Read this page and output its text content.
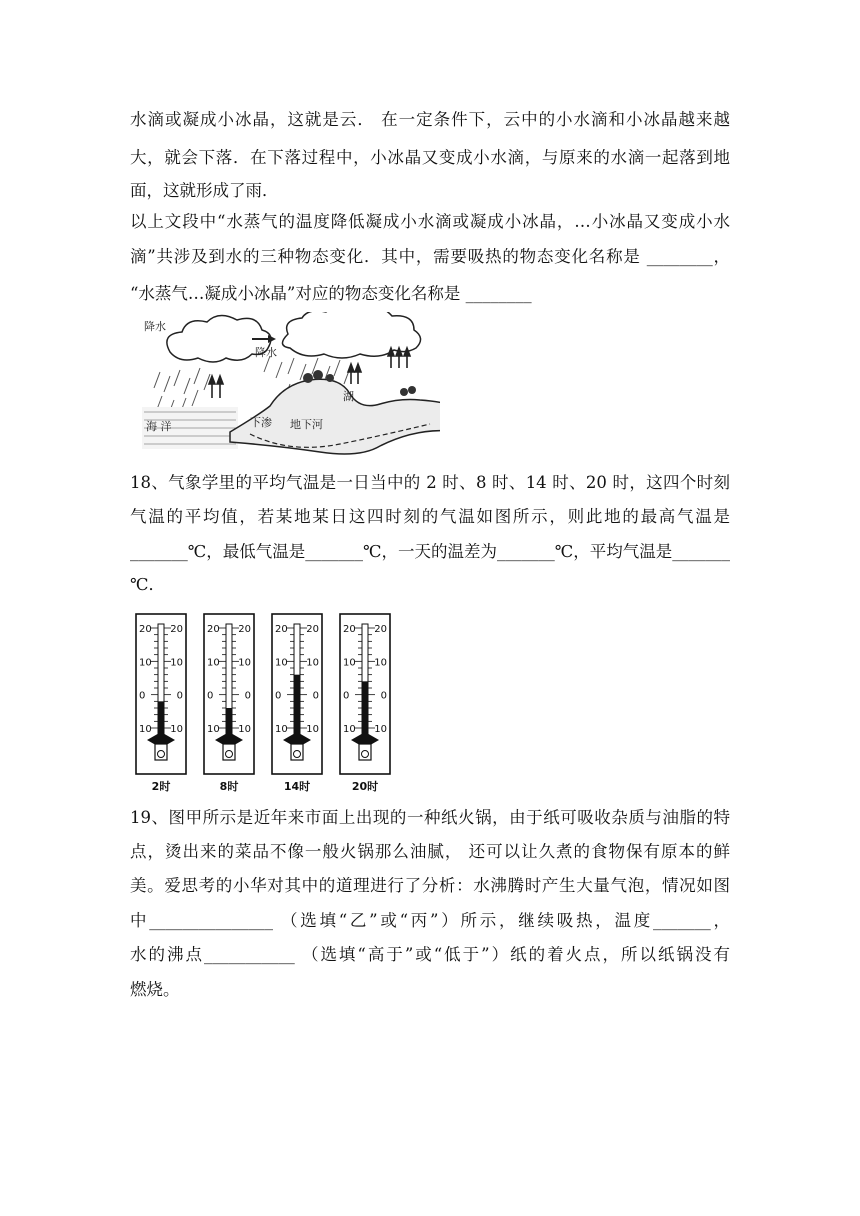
水滴或凝成小冰晶，这就是云． 在一定条件下，云中的小水滴和小冰晶越来越
大，就会下落．在下落过程中，小冰晶又变成小水滴，与原来的水滴一起落到地
面，这就形成了雨．
以上文段中“水蒸气的温度降低凝成小水滴或凝成小冰晶，…小冰晶又变成小水
滴”共涉及到水的三种物态变化．其中，需要吸热的物态变化名称是 ________，
“水蒸气…凝成小冰晶”对应的物态变化名称是 ________
降水
降水
海 洋	下渗 地下河
湖
18、气象学里的平均气温是一日当中的 2 时、8 时、14 时、20 时，这四个时刻
气温的平均值，若某地某日这四时刻的气温如图所示，则此地的最高气温是
_______℃，最低气温是_______℃，一天的温差为_______℃，平均气温是_______
℃．
20 20
10 10
0	0
10 10
2时
20 20
10 10
0	0
10 10
8时
20 20
10 10
0	0
10 10
14时
20 20
10 10
0	0
10 10
20时
19、图甲所示是近年来市面上出现的一种纸火锅，由于纸可吸收杂质与油脂的特
点，烫出来的菜品不像一般火锅那么油腻， 还可以让久煮的食物保有原本的鲜
美。爱思考的小华对其中的道理进行了分析：水沸腾时产生大量气泡，情况如图
中_______________ （选填“乙”或“丙”）所示，继续吸热，温度_______，
水的沸点___________ （选填“高于”或“低于”）纸的着火点，所以纸锅没有
燃烧。
